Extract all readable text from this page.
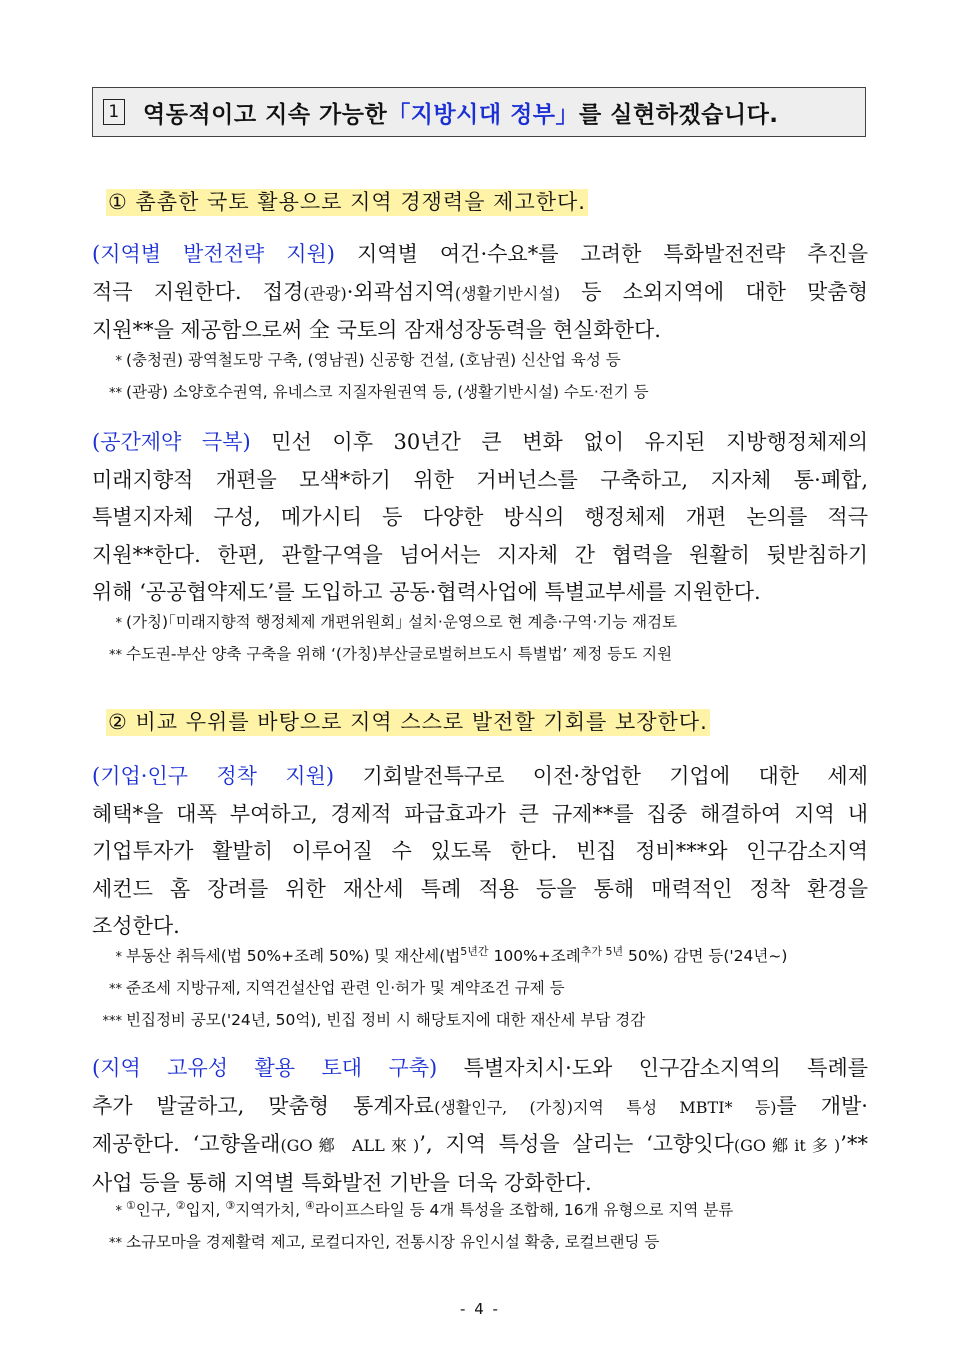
1 역동적이고 지속 가능한 「지방시대 정부」 를 실현하겠습니다.
① 촘촘한 국토 활용으로 지역 경쟁력을 제고한다.
(지역별 발전전략 지원) 지역별 여건·수요*를 고려한 특화발전전략 추진을
적극 지원한다. 접경(관광)·외곽섬지역(생활기반시설) 등 소외지역에 대한 맞춤형
지원**을 제공함으로써 全 국토의 잠재성장동력을 현실화한다.
* (충청권) 광역철도망 구축, (영남권) 신공항 건설, (호남권) 신산업 육성 등
** (관광) 소양호수권역, 유네스코 지질자원권역 등, (생활기반시설) 수도·전기 등
(공간제약 극복) 민선 이후 30년간 큰 변화 없이 유지된 지방행정체제의
미래지향적 개편을 모색*하기 위한 거버넌스를 구축하고, 지자체 통·폐합,
특별지자체 구성, 메가시티 등 다양한 방식의 행정체제 개편 논의를 적극
지원**한다. 한편, 관할구역을 넘어서는 지자체 간 협력을 원활히 뒷받침하기
위해 ‘공공협약제도’를 도입하고 공동·협력사업에 특별교부세를 지원한다.
* (가칭)｢미래지향적 행정체제 개편위원회｣ 설치·운영으로 현 계층·구역·기능 재검토
** 수도권-부산 양축 구축을 위해 ‘(가칭)부산글로벌허브도시 특별법’ 제정 등도 지원
② 비교 우위를 바탕으로 지역 스스로 발전할 기회를 보장한다.
(기업·인구 정착 지원) 기회발전특구로 이전·창업한 기업에 대한 세제
혜택*을 대폭 부여하고, 경제적 파급효과가 큰 규제**를 집중 해결하여 지역 내
기업투자가 활발히 이루어질 수 있도록 한다. 빈집 정비***와 인구감소지역
세컨드 홈 장려를 위한 재산세 특례 적용 등을 통해 매력적인 정착 환경을
조성한다.
* 부동산 취득세(법 50%+조례 50%) 및 재산세(법$^{5년간}$ 100%+조례$^{추가 5년}$ 50%) 감면 등('24년~)
** 준조세 지방규제, 지역건설산업 관련 인·허가 및 계약조건 규제 등
*** 빈집정비 공모('24년, 50억), 빈집 정비 시 해당토지에 대한 재산세 부담 경감
(지역 고유성 활용 토대 구축) 특별자치시·도와 인구감소지역의 특례를
추가 발굴하고, 맞춤형 통계자료(생활인구, (가칭)지역 특성 MBTI* 등)를 개발·
제공한다. ‘고향올래(GO鄕 ALL來)’, 지역 특성을 살리는 ‘고향잇다(GO鄕it多)’**
사업 등을 통해 지역별 특화발전 기반을 더욱 강화한다.
* ①인구, ②입지, ③지역가치, ④라이프스타일 등 4개 특성을 조합해, 16개 유형으로 지역 분류
** 소규모마을 경제활력 제고, 로컬디자인, 전통시장 유인시설 확충, 로컬브랜딩 등
- 4 -
